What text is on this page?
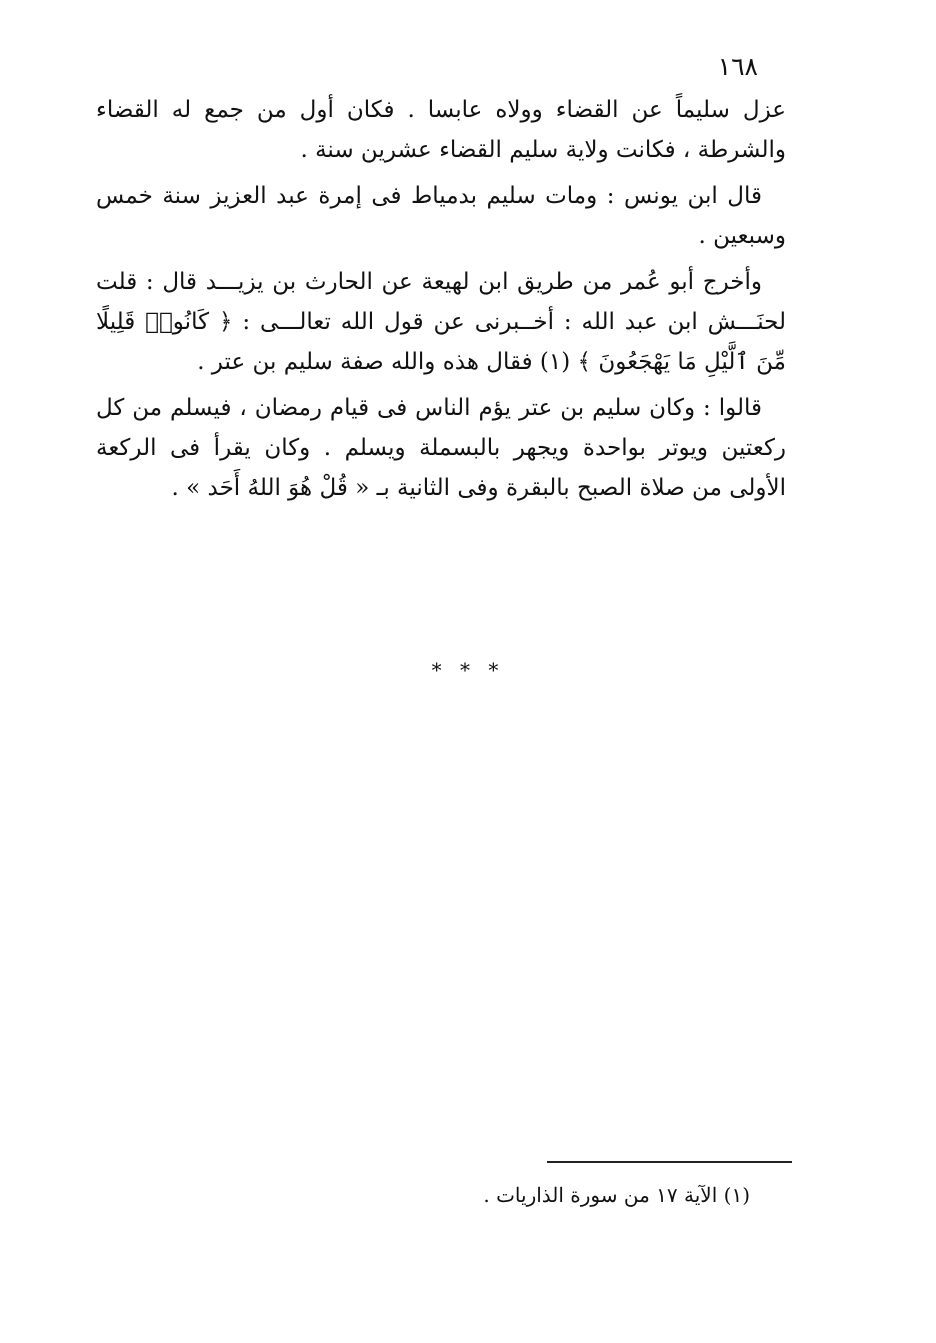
١٦٨

عزل سليماً عن القضاء وولاه عابسا . فكان أول من جمع له القضاء والشرطة ، فكانت ولاية سليم القضاء عشرين سنة .

قال ابن يونس : ومات سليم بدمياط فى إمرة عبد العزيز سنة خمس وسبعين .

وأخرج أبو عُمر من طريق ابن لهيعة عن الحارث بن يزيـــد قال : قلت لحنَـــش ابن عبد الله : أخــبرنى عن قول الله تعالـــى : ﴿ كَانُوا۟ قَلِيلًا مِّنَ ٱلَّيْلِ مَا يَهْجَعُونَ ﴾ (١) فقال هذه والله صفة سليم بن عتر .

قالوا : وكان سليم بن عتر يؤم الناس فى قيام رمضان ، فيسلم من كل ركعتين ويوتر بواحدة ويجهر بالبسملة ويسلم . وكان يقرأ فى الركعة الأولى من صلاة الصبح بالبقرة وفى الثانية بـ « قُلْ هُوَ اللهُ أَحَد » .

* * *
(١) الآية ١٧ من سورة الذاريات .
